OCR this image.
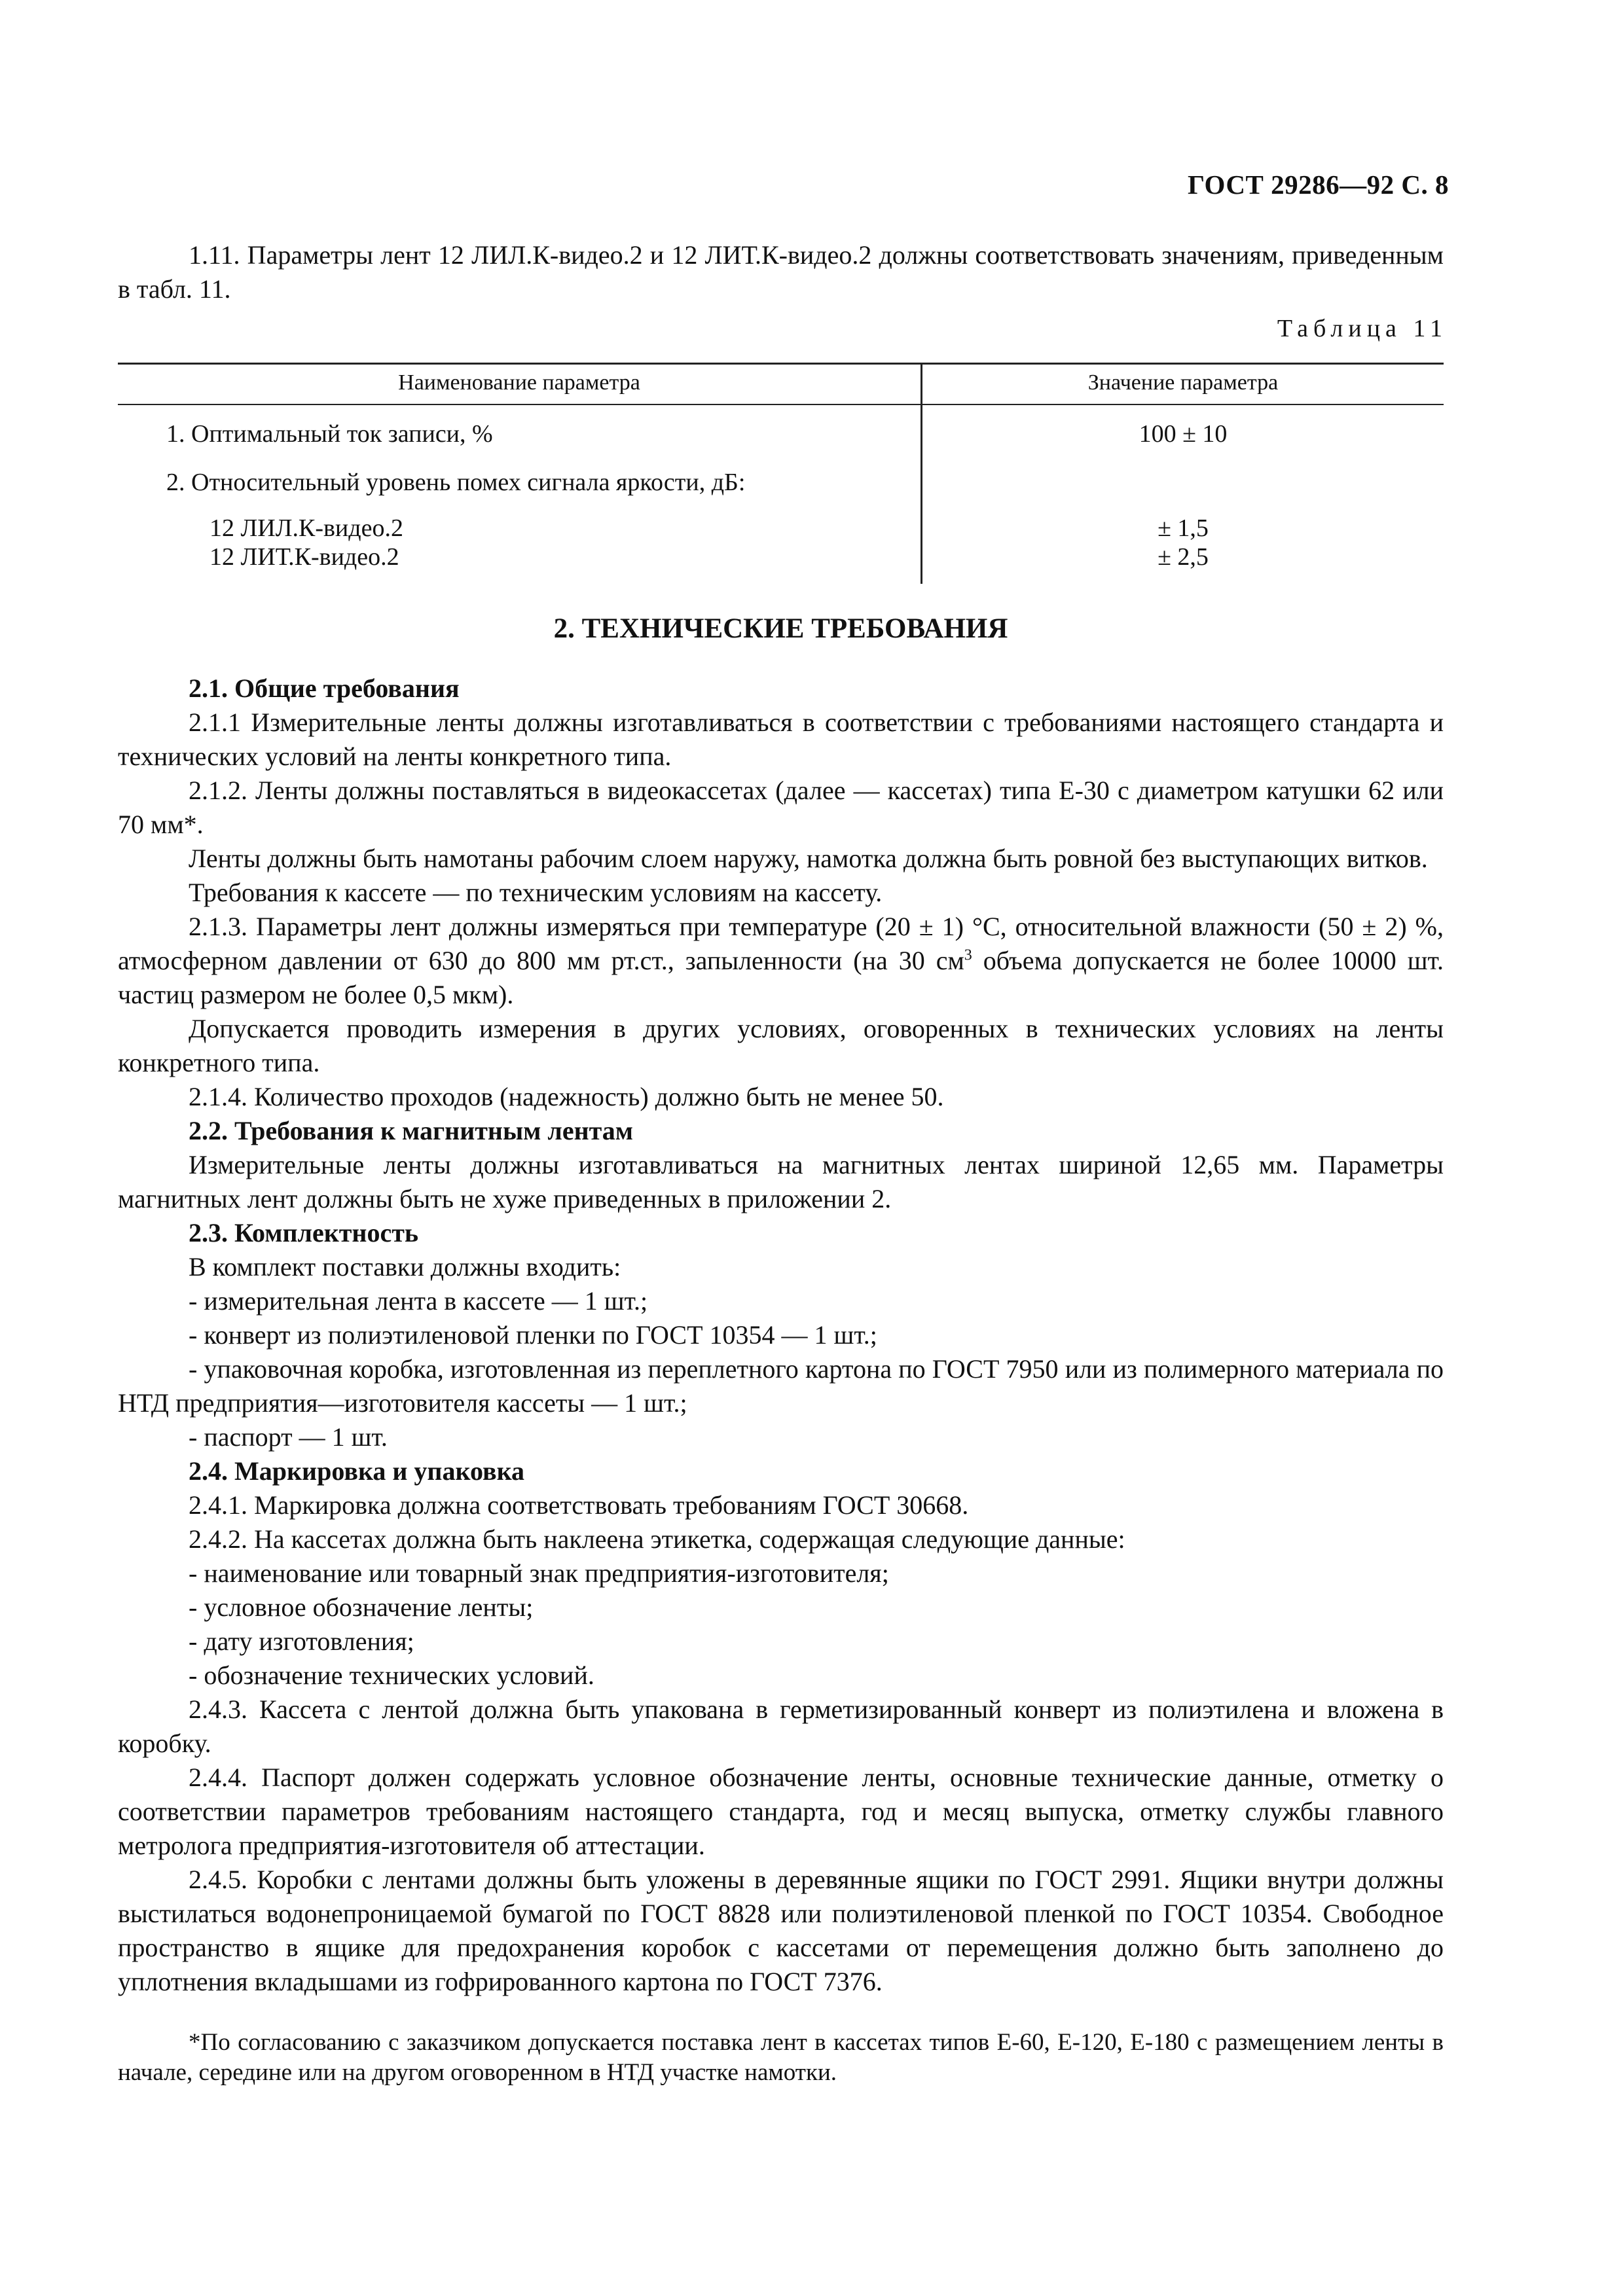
ГОСТ 29286—92 С. 8

1.11. Параметры лент 12 ЛИЛ.К-видео.2 и 12 ЛИТ.К-видео.2 должны соответствовать значениям, приведенным в табл. 11.

Таблица 11
Наименование параметра	Значение параметра
1. Оптимальный ток записи, %	100 ± 10
2. Относительный уровень помех сигнала яркости, дБ:
12 ЛИЛ.К-видео.2	± 1,5
12 ЛИТ.К-видео.2	± 2,5
2. ТЕХНИЧЕСКИЕ ТРЕБОВАНИЯ

2.1. Общие требования

2.1.1 Измерительные ленты должны изготавливаться в соответствии с требованиями настоящего стандарта и технических условий на ленты конкретного типа.

2.1.2. Ленты должны поставляться в видеокассетах (далее — кассетах) типа Е-30 с диаметром катушки 62 или 70 мм*.

Ленты должны быть намотаны рабочим слоем наружу, намотка должна быть ровной без выступающих витков.

Требования к кассете — по техническим условиям на кассету.

2.1.3. Параметры лент должны измеряться при температуре (20 ± 1) °С, относительной влажности (50 ± 2) %, атмосферном давлении от 630 до 800 мм рт.ст., запыленности (на 30 $см^3$ объема допускается не более 10000 шт. частиц размером не более 0,5 мкм).

Допускается проводить измерения в других условиях, оговоренных в технических условиях на ленты конкретного типа.

2.1.4. Количество проходов (надежность) должно быть не менее 50.

2.2. Требования к магнитным лентам

Измерительные ленты должны изготавливаться на магнитных лентах шириной 12,65 мм. Параметры магнитных лент должны быть не хуже приведенных в приложении 2.

2.3. Комплектность

В комплект поставки должны входить:

- измерительная лента в кассете — 1 шт.;

- конверт из полиэтиленовой пленки по ГОСТ 10354 — 1 шт.;

- упаковочная коробка, изготовленная из переплетного картона по ГОСТ 7950 или из полимерного материала по НТД предприятия—изготовителя кассеты — 1 шт.;

- паспорт — 1 шт.

2.4. Маркировка и упаковка

2.4.1. Маркировка должна соответствовать требованиям ГОСТ 30668.

2.4.2. На кассетах должна быть наклеена этикетка, содержащая следующие данные:

- наименование или товарный знак предприятия-изготовителя;

- условное обозначение ленты;

- дату изготовления;

- обозначение технических условий.

2.4.3. Кассета с лентой должна быть упакована в герметизированный конверт из полиэтилена и вложена в коробку.

2.4.4. Паспорт должен содержать условное обозначение ленты, основные технические данные, отметку о соответствии параметров требованиям настоящего стандарта, год и месяц выпуска, отметку службы главного метролога предприятия-изготовителя об аттестации.

2.4.5. Коробки с лентами должны быть уложены в деревянные ящики по ГОСТ 2991. Ящики внутри должны выстилаться водонепроницаемой бумагой по ГОСТ 8828 или полиэтиленовой пленкой по ГОСТ 10354. Свободное пространство в ящике для предохранения коробок с кассетами от перемещения должно быть заполнено до уплотнения вкладышами из гофрированного картона по ГОСТ 7376.

*По согласованию с заказчиком допускается поставка лент в кассетах типов Е-60, Е-120, Е-180 с размещением ленты в начале, середине или на другом оговоренном в НТД участке намотки.
